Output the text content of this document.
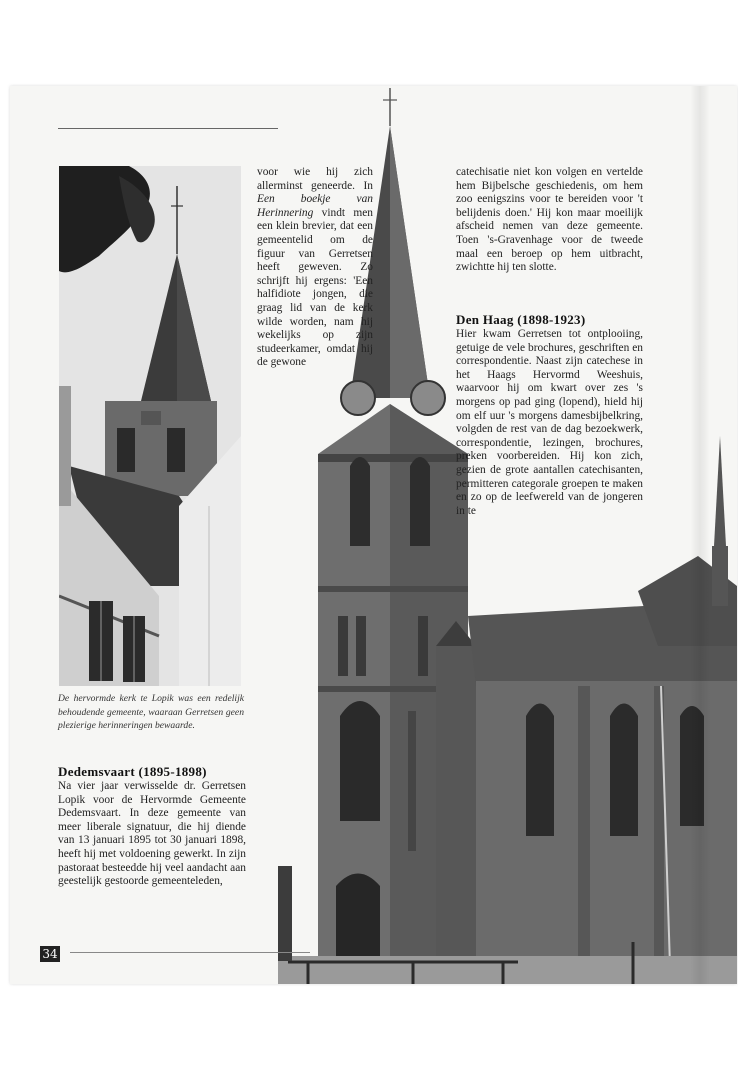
De hervormde kerk te Lopik was een redelijk behoudende gemeente, waaraan Gerretsen geen plezierige herinneringen bewaarde.
Dedemsvaart (1895-1898)
Na vier jaar verwisselde dr. Gerretsen Lopik voor de Hervormde Gemeente Dedemsvaart. In deze gemeente van meer liberale signatuur, die hij diende van 13 januari 1895 tot 30 januari 1898, heeft hij met voldoening gewerkt. In zijn pastoraat besteedde hij veel aandacht aan geestelijk gestoorde gemeenteleden,
voor wie hij zich allerminst geneerde. In Een boekje van Herinnering vindt men een klein brevier, dat een gemeentelid om de figuur van Gerretsen heeft geweven. Zo schrijft hij ergens: 'Een halfidiote jongen, die graag lid van de kerk wilde worden, nam hij wekelijks op zijn studeerkamer, omdat hij de gewone
catechisatie niet kon volgen en vertelde hem Bijbelsche geschiedenis, om hem zoo eenigszins voor te bereiden voor 't belijdenis doen.' Hij kon maar moeilijk afscheid nemen van deze gemeente. Toen 's-Gravenhage voor de tweede maal een beroep op hem uitbracht, zwichtte hij ten slotte.
Den Haag (1898-1923)
Hier kwam Gerretsen tot ontplooiing, getuige de vele brochures, geschriften en correspondentie. Naast zijn catechese in het Haags Hervormd Weeshuis, waarvoor hij om kwart over zes 's morgens op pad ging (lopend), hield hij om elf uur 's morgens damesbijbelkring, volgden de rest van de dag bezoekwerk, correspondentie, lezingen, brochures, preken voorbereiden. Hij kon zich, gezien de grote aantallen catechisanten, permitteren categorale groepen te maken en zo op de leefwereld van de jongeren in te
34
